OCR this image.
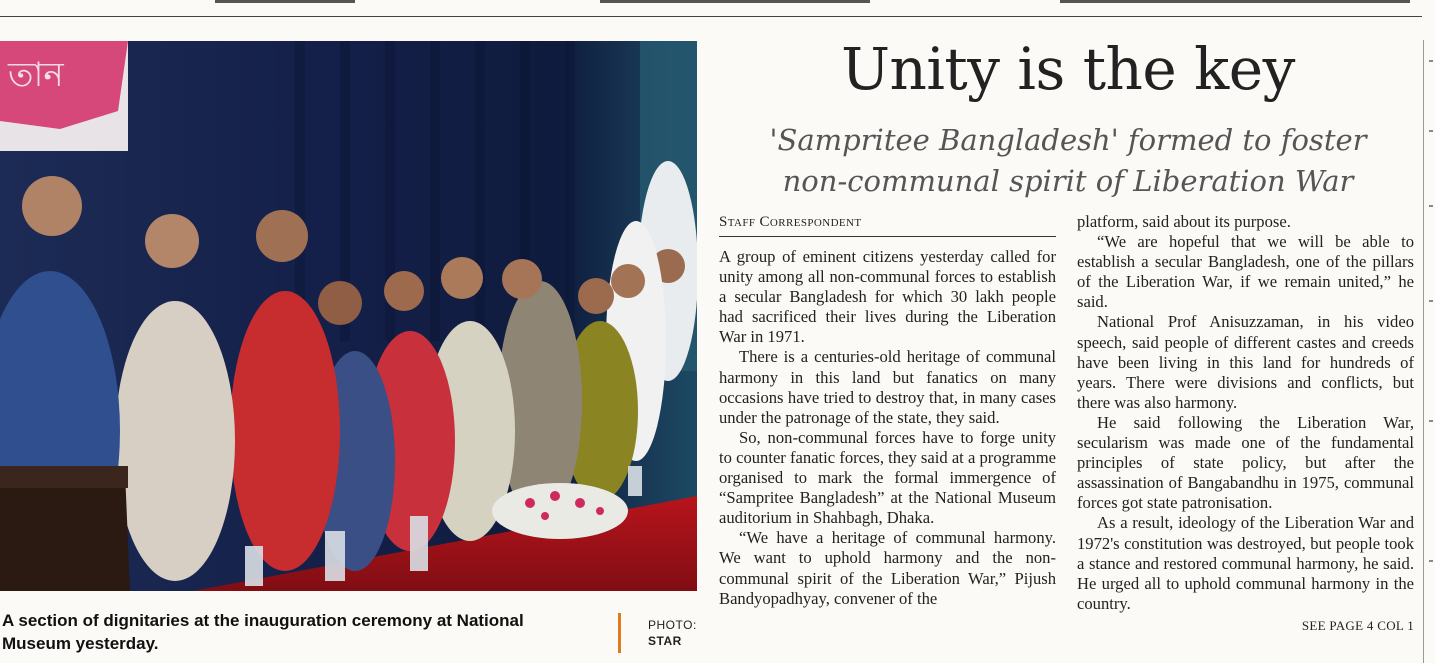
তান
A section of dignitaries at the inauguration ceremony at National Museum yesterday.
PHOTO:
STAR
Unity is the key
'Sampritee Bangladesh' formed to foster
non-communal spirit of Liberation War
Staff Correspondent

A group of eminent citizens yesterday called for unity among all non-communal forces to establish a secular Bangladesh for which 30 lakh people had sacrificed their lives during the Liberation War in 1971.

There is a centuries-old heritage of communal harmony in this land but fanatics on many occasions have tried to destroy that, in many cases under the patronage of the state, they said.

So, non-communal forces have to forge unity to counter fanatic forces, they said at a programme organised to mark the formal immergence of “Sampritee Bangladesh” at the National Museum auditorium in Shahbagh, Dhaka.

“We have a heritage of communal harmony. We want to uphold harmony and the non-communal spirit of the Liberation War,” Pijush Bandyopadhyay, convener of the

platform, said about its purpose.

“We are hopeful that we will be able to establish a secular Bangladesh, one of the pillars of the Liberation War, if we remain united,” he said.

National Prof Anisuzzaman, in his video speech, said people of different castes and creeds have been living in this land for hundreds of years. There were divisions and conflicts, but there was also harmony.

He said following the Liberation War, secularism was made one of the fundamental principles of state policy, but after the assassination of Bangabandhu in 1975, communal forces got state patronisation.

As a result, ideology of the Liberation War and 1972's constitution was destroyed, but people took a stance and restored communal harmony, he said. He urged all to uphold communal harmony in the country.

SEE PAGE 4 COL 1
